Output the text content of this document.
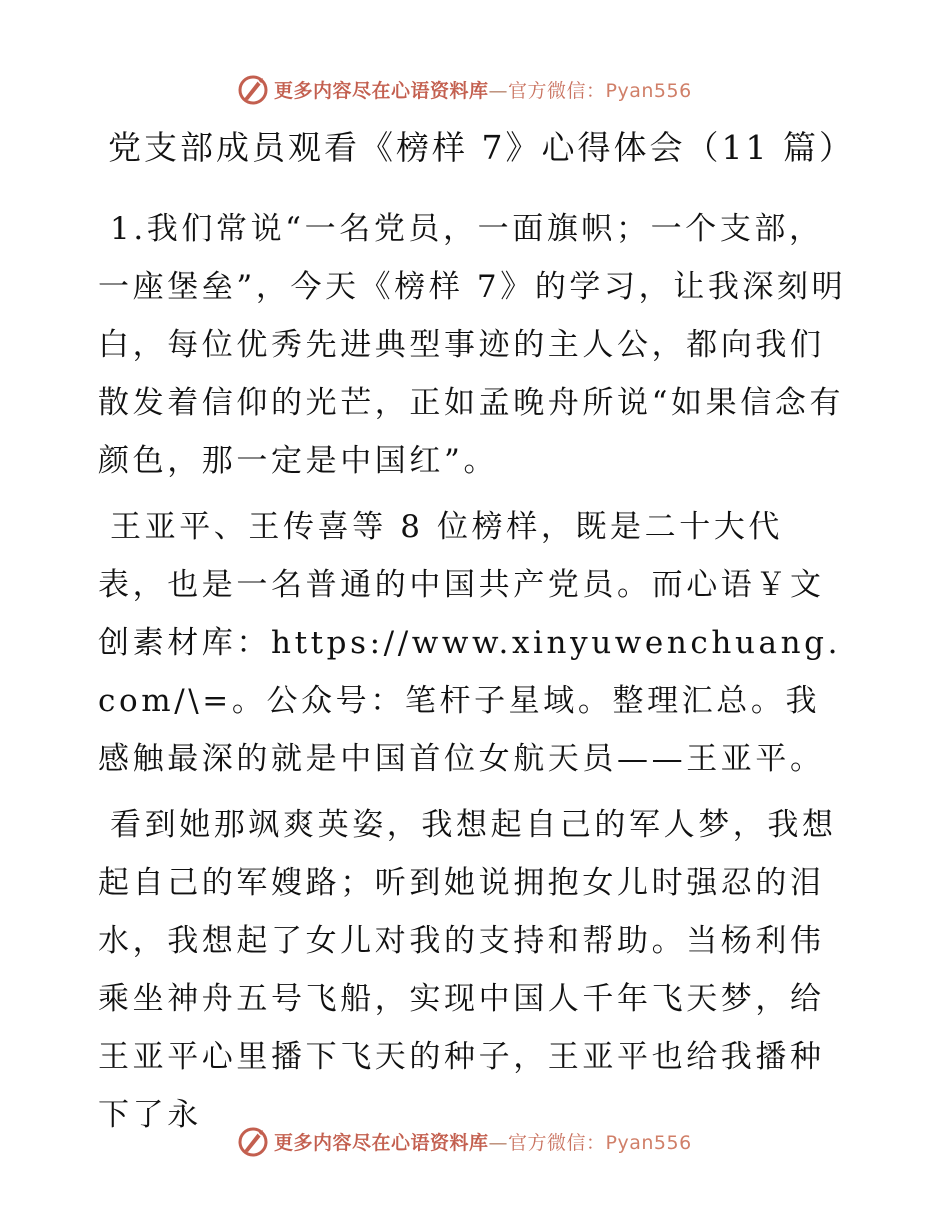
更多内容尽在心语资料库—官方微信：Pyan556
党支部成员观看《榜样 7》心得体会（11 篇）

1.我们常说“一名党员，一面旗帜；一个支部，一座堡垒”，今天《榜样 7》的学习，让我深刻明白，每位优秀先进典型事迹的主人公，都向我们散发着信仰的光芒，正如孟晚舟所说“如果信念有颜色，那一定是中国红”。

王亚平、王传喜等 8 位榜样，既是二十大代表，也是一名普通的中国共产党员。而心语￥文创素材库：https://www.xinyuwenchuang.com/\=。公众号：笔杆子星域。整理汇总。我感触最深的就是中国首位女航天员——王亚平。

看到她那飒爽英姿，我想起自己的军人梦，我想起自己的军嫂路；听到她说拥抱女儿时强忍的泪水，我想起了女儿对我的支持和帮助。当杨利伟乘坐神舟五号飞船，实现中国人千年飞天梦，给王亚平心里播下飞天的种子，王亚平也给我播种下了永

更多内容尽在心语资料库—官方微信：Pyan556
